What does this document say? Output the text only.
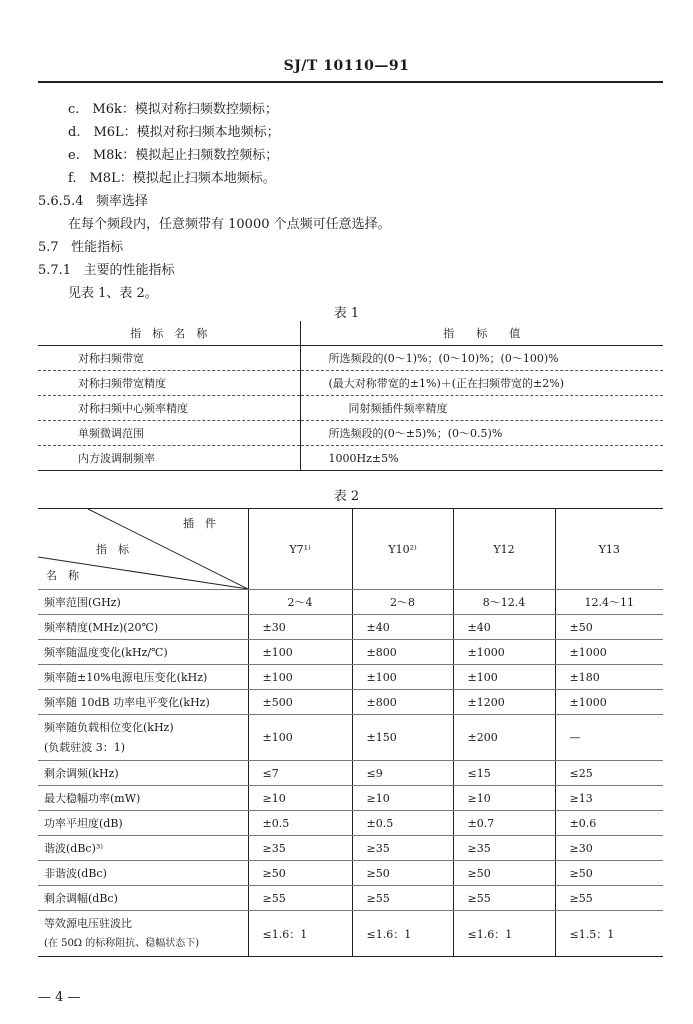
SJ/T 10110—91
c.　M6k：模拟对称扫频数控频标；
d.　M6L：模拟对称扫频本地频标；
e.　M8k：模拟起止扫频数控频标；
f.　M8L：模拟起止扫频本地频标。
5.6.5.4 频率选择
在每个频段内，任意频带有 10000 个点频可任意选择。
5.7 性能指标
5.7.1 主要的性能指标
见表 1、表 2。
表 1
指　标　名　称	指　　标　　值
对称扫频带宽	所选频段的(0～1)%；(0～10)%；(0～100)%
对称扫频带宽精度	(最大对称带宽的±1%)＋(正在扫频带宽的±2%)
对称扫频中心频率精度	同射频插件频率精度
单频微调范围	所选频段的(0～±5)%；(0～0.5)%
内方波调制频率	1000Hz±5%
表 2
插　件
指　标
名　称	Y7¹⁾	Y10²⁾	Y12	Y13
频率范围(GHz)	2～4	2～8	8～12.4	12.4～11
频率精度(MHz)(20℃)	±30	±40	±40	±50
频率随温度变化(kHz/℃)	±100	±800	±1000	±1000
频率随±10%电源电压变化(kHz)	±100	±100	±100	±180
频率随 10dB 功率电平变化(kHz)	±500	±800	±1200	±1000

频率随负载相位变化(kHz)
(负载驻波 3：1)	±100	±150	±200	—
剩余调频(kHz)	≤7	≤9	≤15	≤25
最大稳幅功率(mW)	≥10	≥10	≥10	≥13
功率平坦度(dB)	±0.5	±0.5	±0.7	±0.6
谐波(dBc)³⁾	≥35	≥35	≥35	≥30
非谐波(dBc)	≥50	≥50	≥50	≥50
剩余调幅(dBc)	≥55	≥55	≥55	≥55

等效源电压驻波比
(在 50Ω 的标称阻抗、稳幅状态下)	≤1.6：1	≤1.6：1	≤1.6：1	≤1.5：1
— 4 —
